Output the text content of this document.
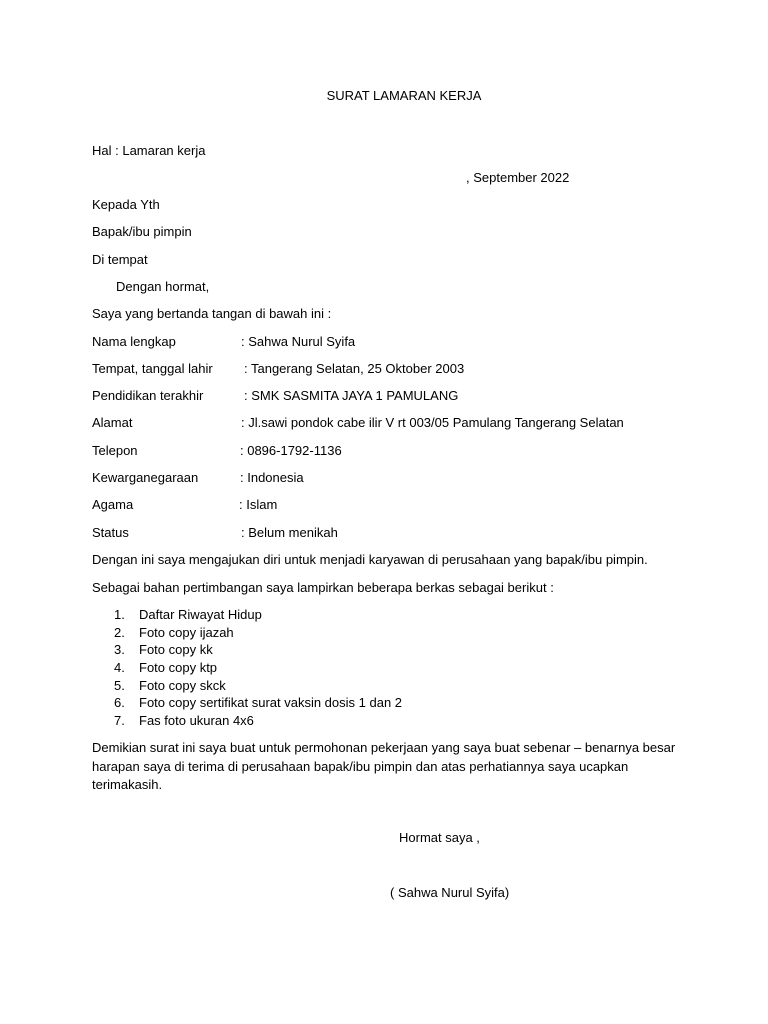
SURAT LAMARAN KERJA
Hal : Lamaran kerja
, September 2022
Kepada Yth
Bapak/ibu pimpin
Di tempat
Dengan hormat,
Saya yang bertanda tangan di bawah ini :
Nama lengkap	: Sahwa Nurul Syifa
Tempat, tanggal lahir : Tangerang Selatan, 25 Oktober 2003
Pendidikan terakhir	: SMK SASMITA JAYA 1 PAMULANG
Alamat	: Jl.sawi pondok cabe ilir V rt 003/05 Pamulang Tangerang Selatan
Telepon	: 0896-1792-1136
Kewarganegaraan	: Indonesia
Agama	: Islam
Status	: Belum menikah
Dengan ini saya mengajukan diri untuk menjadi karyawan di perusahaan yang bapak/ibu pimpin.
Sebagai bahan pertimbangan saya lampirkan beberapa berkas sebagai berikut :
1. Daftar Riwayat Hidup
2. Foto copy ijazah
3. Foto copy kk
4. Foto copy ktp
5. Foto copy skck
6. Foto copy sertifikat surat vaksin dosis 1 dan 2
7. Fas foto ukuran 4x6
Demikian surat ini saya buat untuk permohonan pekerjaan yang saya buat sebenar – benarnya besar harapan saya di terima di perusahaan bapak/ibu pimpin dan atas perhatiannya saya ucapkan terimakasih.
Hormat saya ,
( Sahwa Nurul Syifa)
